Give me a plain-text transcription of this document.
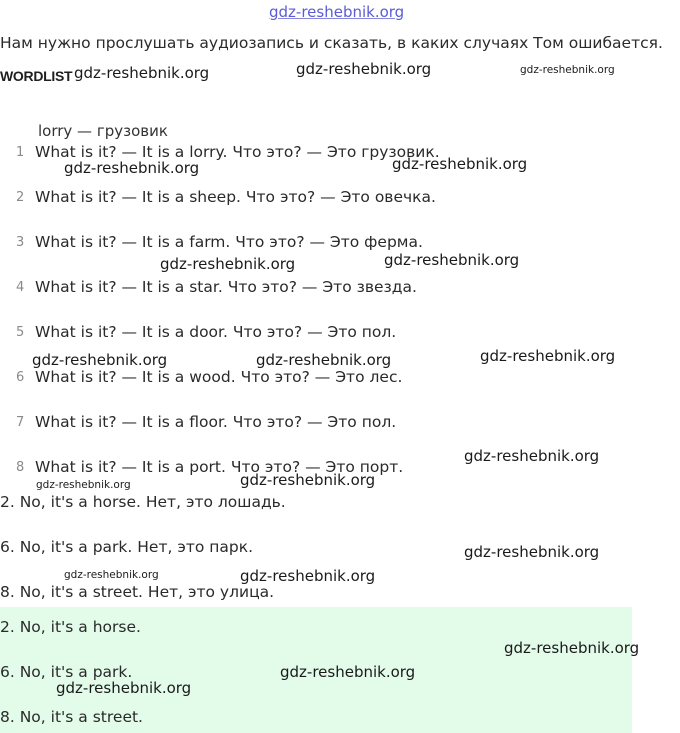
gdz-reshebnik.org
Нам нужно прослушать аудиозапись и сказать, в каких случаях Том ошибается.
WORDLIST
lorry — грузовик
1 What is it? — It is a lorry. Что это? — Это грузовик.
2 What is it? — It is a sheep. Что это? — Это овечка.
3 What is it? — It is a farm. Что это? — Это ферма.
4 What is it? — It is a star. Что это? — Это звезда.
5 What is it? — It is a door. Что это? — Это пол.
6 What is it? — It is a wood. Что это? — Это лес.
7 What is it? — It is a floor. Что это? — Это пол.
8 What is it? — It is a port. Что это? — Это порт.
2. No, it's a horse. Нет, это лошадь.
6. No, it's a park. Нет, это парк.
8. No, it's a street. Нет, это улица.
2. No, it's a horse.
6. No, it's a park.
8. No, it's a street.
gdz-reshebnik.org	gdz-reshebnik.org	gdz-reshebnik.org
gdz-reshebnik.org	gdz-reshebnik.org
gdz-reshebnik.org	gdz-reshebnik.org
gdz-reshebnik.org	gdz-reshebnik.org	gdz-reshebnik.org
gdz-reshebnik.org
gdz-reshebnik.org
gdz-reshebnik.org
gdz-reshebnik.org
gdz-reshebnik.org	gdz-reshebnik.org
gdz-reshebnik.org
gdz-reshebnik.org
gdz-reshebnik.org
